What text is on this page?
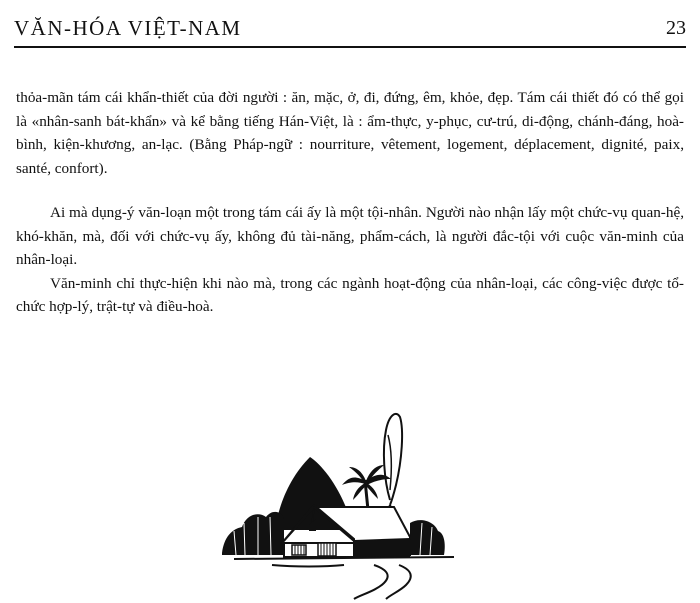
VĂN-HÓA VIỆT-NAM	23

thỏa-mãn tám cái khẩn-thiết của đời người : ăn, mặc, ở, đi, đứng, êm, khỏe, đẹp. Tám cái thiết đó có thể gọi là «nhân-sanh bát-khẩn» và kể bằng tiếng Hán-Việt, là : ẩm-thực, y-phục, cư-trú, di-động, chánh-đáng, hoà-bình, kiện-khương, an-lạc. (Bằng Pháp-ngữ : nourriture, vêtement, logement, déplacement, dignité, paix, santé, confort).

Ai mà dụng-ý văn-loạn một trong tám cái ấy là một tội-nhân. Người nào nhận lấy một chức-vụ quan-hệ, khó-khăn, mà, đối với chức-vụ ấy, không đủ tài-năng, phẩm-cách, là người đắc-tội với cuộc văn-minh của nhân-loại.

Văn-minh chỉ thực-hiện khi nào mà, trong các ngành hoạt-động của nhân-loại, các công-việc được tổ-chức hợp-lý, trật-tự và điều-hoà.
